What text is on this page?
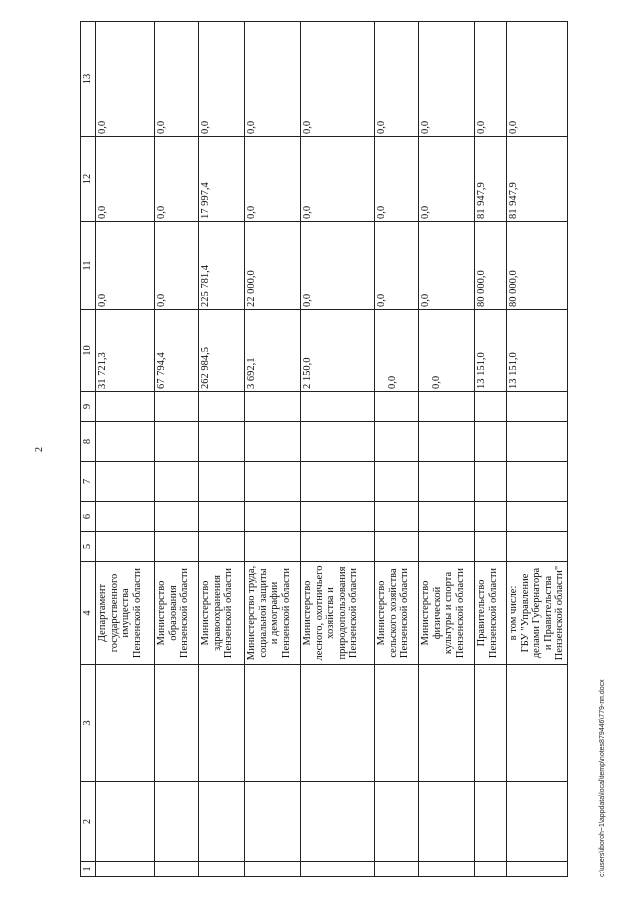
2
1	2	3	4	5	6	7	8	9	10	11	12	13

			Департамент государственного имущества Пензенской области						31 721,3	0,0	0,0	0,0

			Министерство образования Пензенской области						67 794,4	0,0	0,0	0,0

			Министерство здравоохранения Пензенской области						262 984,5	225 781,4	17 997,4	0,0

			Министерство труда, социальной защиты и демографии Пензенской области						3 692,1	22 000,0	0,0	0,0

			Министерство лесного, охотничьего хозяйства и природопользования Пензенской области						2 150,0	0,0	0,0	0,0

			Министерство сельского хозяйства Пензенской области						0,0	0,0	0,0	0,0

			Министерство физической культуры и спорта Пензенской области						0,0	0,0	0,0	0,0

			Правительство Пензенской области						13 151,0	80 000,0	81 947,9	0,0

			в том числе: ГБУ "Управление делами Губернатора и Правительства Пензенской области"						13 151,0	80 000,0	81 947,9	0,0
c:\users\iboroh~1\appdata\local\temp\notes879446\779-пп.docx
